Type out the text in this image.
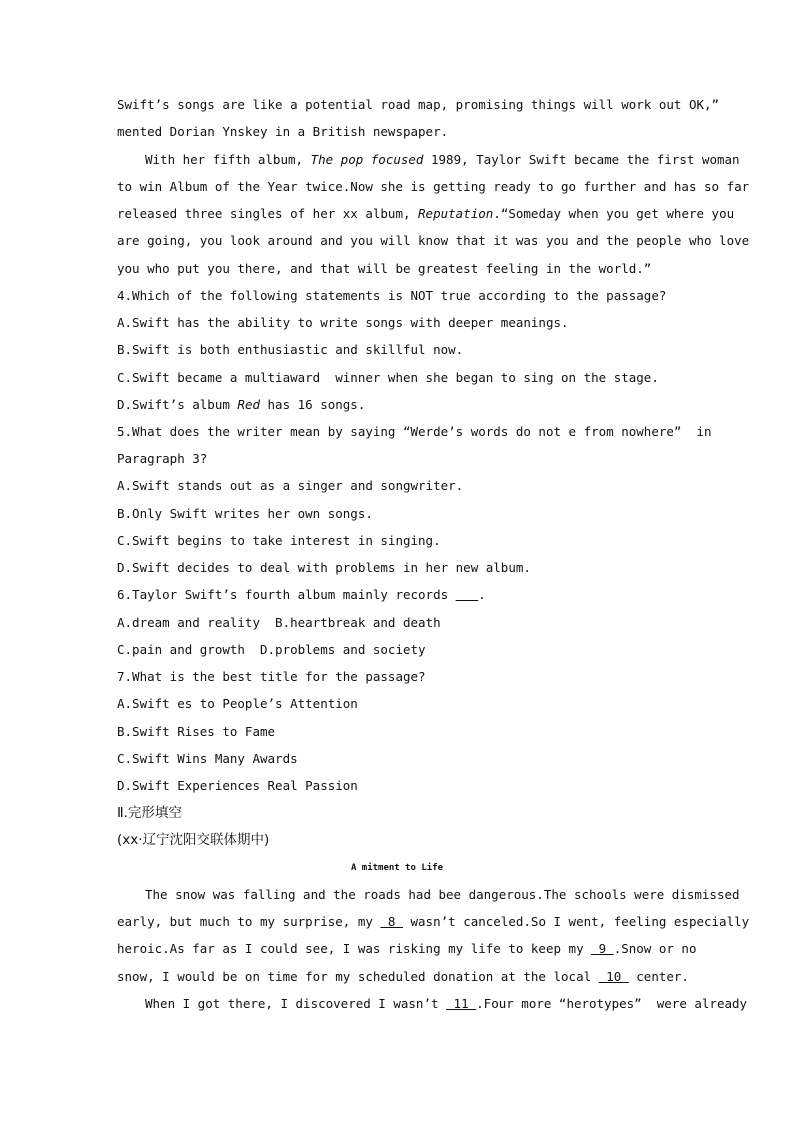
Swift’s songs are like a potential road map, promising things will work out OK,”
mented Dorian Ynskey in a British newspaper.
With her fifth album, The pop focused 1989, Taylor Swift became the first woman
to win Album of the Year twice.Now she is getting ready to go further and has so far
released three singles of her xx album, Reputation.“Someday when you get where you
are going, you look around and you will know that it was you and the people who love
you who put you there, and that will be greatest feeling in the world.”
4.Which of the following statements is NOT true according to the passage?
A.Swift has the ability to write songs with deeper meanings.
B.Swift is both enthusiastic and skillful now.
C.Swift became a multiaward  winner when she began to sing on the stage.
D.Swift’s album Red has 16 songs.
5.What does the writer mean by saying “Werde’s words do not e from nowhere”  in
Paragraph 3?
A.Swift stands out as a singer and songwriter.
B.Only Swift writes her own songs.
C.Swift begins to take interest in singing.
D.Swift decides to deal with problems in her new album.
6.Taylor Swift’s fourth album mainly records    .
A.dream and reality  B.heartbreak and death
C.pain and growth  D.problems and society
7.What is the best title for the passage?
A.Swift es to People’s Attention
B.Swift Rises to Fame
C.Swift Wins Many Awards
D.Swift Experiences Real Passion
Ⅱ.完形填空
(xx·辽宁沈阳交联体期中)
A mitment to Life
The snow was falling and the roads had bee dangerous.The schools were dismissed
early, but much to my surprise, my  8  wasn’t canceled.So I went, feeling especially
heroic.As far as I could see, I was risking my life to keep my  9 .Snow or no
snow, I would be on time for my scheduled donation at the local  10  center.
When I got there, I discovered I wasn’t  11 .Four more “herotypes”  were already
